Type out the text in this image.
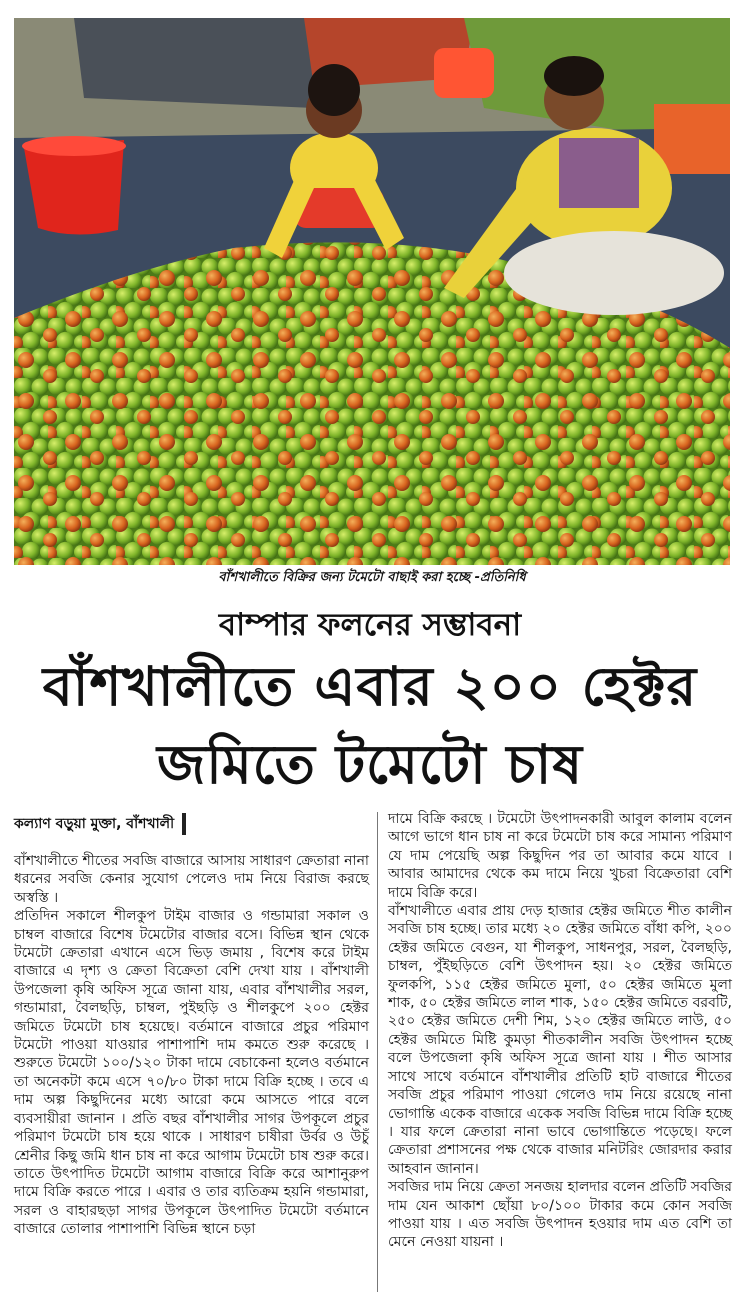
বাঁশখালীতে বিক্রির জন্য টমেটো বাছাই করা হচ্ছে -প্রতিনিধি
বাম্পার ফলনের সম্ভাবনা
বাঁশখালীতে এবার ২০০ হেক্টর
জমিতে টমেটো চাষ
কল্যাণ বড়ুয়া মুক্তা, বাঁশখালী

বাঁশখালীতে শীতের সবজি বাজারে আসায় সাধারণ ক্রেতারা নানা ধরনের সবজি কেনার সুযোগ পেলেও দাম নিয়ে বিরাজ করছে অস্বস্তি ।

প্রতিদিন সকালে শীলকুপ টাইম বাজার ও গন্ডামারা সকাল ও চাম্বল বাজারে বিশেষ টমেটোর বাজার বসে। বিভিন্ন স্থান থেকে টমেটো ক্রেতারা এখানে এসে ভিড় জমায় , বিশেষ করে টাইম বাজারে এ দৃশ্য ও ক্রেতা বিক্রেতা বেশি দেখা যায় । বাঁশখালী উপজেলা কৃষি অফিস সূত্রে জানা যায়, এবার বাঁশখালীর সরল, গন্ডামারা, বৈলছড়ি, চাম্বল, পুইছড়ি ও শীলকুপে ২০০ হেক্টর জমিতে টমেটো চাষ হয়েছে। বর্তমানে বাজারে প্রচুর পরিমাণ টমেটো পাওয়া যাওয়ার পাশাপাশি দাম কমতে শুরু করেছে । শুরুতে টমেটো ১০০/১২০ টাকা দামে বেচাকেনা হলেও বর্তমানে তা অনেকটা কমে এসে ৭০/৮০ টাকা দামে বিক্রি হচ্ছে । তবে এ দাম অল্প কিছুদিনের মধ্যে আরো কমে আসতে পারে বলে ব্যবসায়ীরা জানান । প্রতি বছর বাঁশখালীর সাগর উপকূলে প্রচুর পরিমাণ টমেটো চাষ হয়ে থাকে । সাধারণ চাষীরা উর্বর ও উচুঁ শ্রেনীর কিছু জমি ধান চাষ না করে আগাম টমেটো চাষ শুরু করে। তাতে উৎপাদিত টমেটো আগাম বাজারে বিক্রি করে আশানুরুপ দামে বিক্রি করতে পারে । এবার ও তার ব্যতিক্রম হয়নি গন্ডামারা, সরল ও বাহারছড়া সাগর উপকূলে উৎপাদিত টমেটো বর্তমানে বাজারে তোলার পাশাপাশি বিভিন্ন স্থানে চড়া

দামে বিক্রি করছে । টমেটো উৎপাদনকারী আবুল কালাম বলেন আগে ভাগে ধান চাষ না করে টমেটো চাষ করে সামান্য পরিমাণ যে দাম পেয়েছি অল্প কিছুদিন পর তা আবার কমে যাবে । আবার আমাদের থেকে কম দামে নিয়ে খুচরা বিক্রেতারা বেশি দামে বিক্রি করে।

বাঁশখালীতে এবার প্রায় দেড় হাজার হেক্টর জমিতে শীত কালীন সবজি চাষ হচ্ছে। তার মধ্যে ২০ হেক্টর জমিতে বাঁধা কপি, ২০০ হেক্টর জমিতে বেগুন, যা শীলকুপ, সাধনপুর, সরল, বৈলছড়ি, চাম্বল, পুঁইছড়িতে বেশি উৎপাদন হয়। ২০ হেক্টর জমিতে ফুলকপি, ১১৫ হেক্টর জমিতে মুলা, ৫০ হেক্টর জমিতে মুলা শাক, ৫০ হেক্টর জমিতে লাল শাক, ১৫০ হেক্টর জমিতে বরবটি, ২৫০ হেক্টর জমিতে দেশী শিম, ১২০ হেক্টর জমিতে লাউ, ৫০ হেক্টর জমিতে মিষ্টি কুমড়া শীতকালীন সবজি উৎপাদন হচ্ছে বলে উপজেলা কৃষি অফিস সূত্রে জানা যায় । শীত আসার সাথে সাথে বর্তমানে বাঁশখালীর প্রতিটি হাট বাজারে শীতের সবজি প্রচুর পরিমাণ পাওয়া গেলেও দাম নিয়ে রয়েছে নানা ভোগান্তি একেক বাজারে একেক সবজি বিভিন্ন দামে বিক্রি হচ্ছে । যার ফলে ক্রেতারা নানা ভাবে ভোগান্তিতে পড়েছে। ফলে ক্রেতারা প্রশাসনের পক্ষ থেকে বাজার মনিটরিং জোরদার করার আহবান জানান।

সবজির দাম নিয়ে ক্রেতা সনজয় হালদার বলেন প্রতিটি সবজির দাম যেন আকাশ ছোঁয়া ৮০/১০০ টাকার কমে কোন সবজি পাওয়া যায় । এত সবজি উৎপাদন হওয়ার দাম এত বেশি তা মেনে নেওয়া যায়না ।
